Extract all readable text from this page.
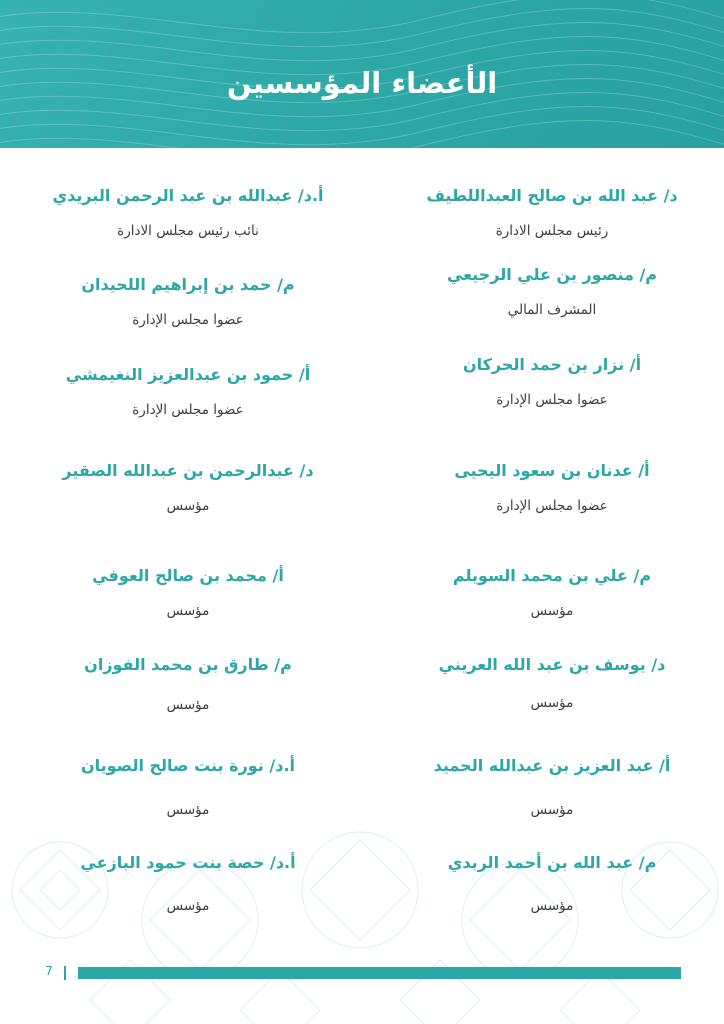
الأعضاء المؤسسين
د/ عبد الله بن صالح العبداللطيف
رئيس مجلس الادارة
م/ منصور بن علي الرجيعي
المشرف المالي
أ/ نزار بن حمد الحركان
عضوا مجلس الإدارة
أ/ عدنان بن سعود اليحيى
عضوا مجلس الإدارة
م/ علي بن محمد السويلم
مؤسس
د/ يوسف بن عبد الله العريني
مؤسس
أ/ عبد العزيز بن عبدالله الحميد
مؤسس
م/ عبد الله بن أحمد الربدي
مؤسس
أ.د/ عبدالله بن عبد الرحمن البريدي
نائب رئيس مجلس الادارة
م/ حمد بن إبراهيم اللحيدان
عضوا مجلس الإدارة
أ/ حمود بن عبدالعزيز النغيمشي
عضوا مجلس الإدارة
د/ عبدالرحمن بن عبدالله الصقير
مؤسس
أ/ محمد بن صالح العوفي
مؤسس
م/ طارق بن محمد الفوزان
مؤسس
أ.د/ نورة بنت صالح الصويان
مؤسس
أ.د/ حصة بنت حمود البازعي
مؤسس
7
